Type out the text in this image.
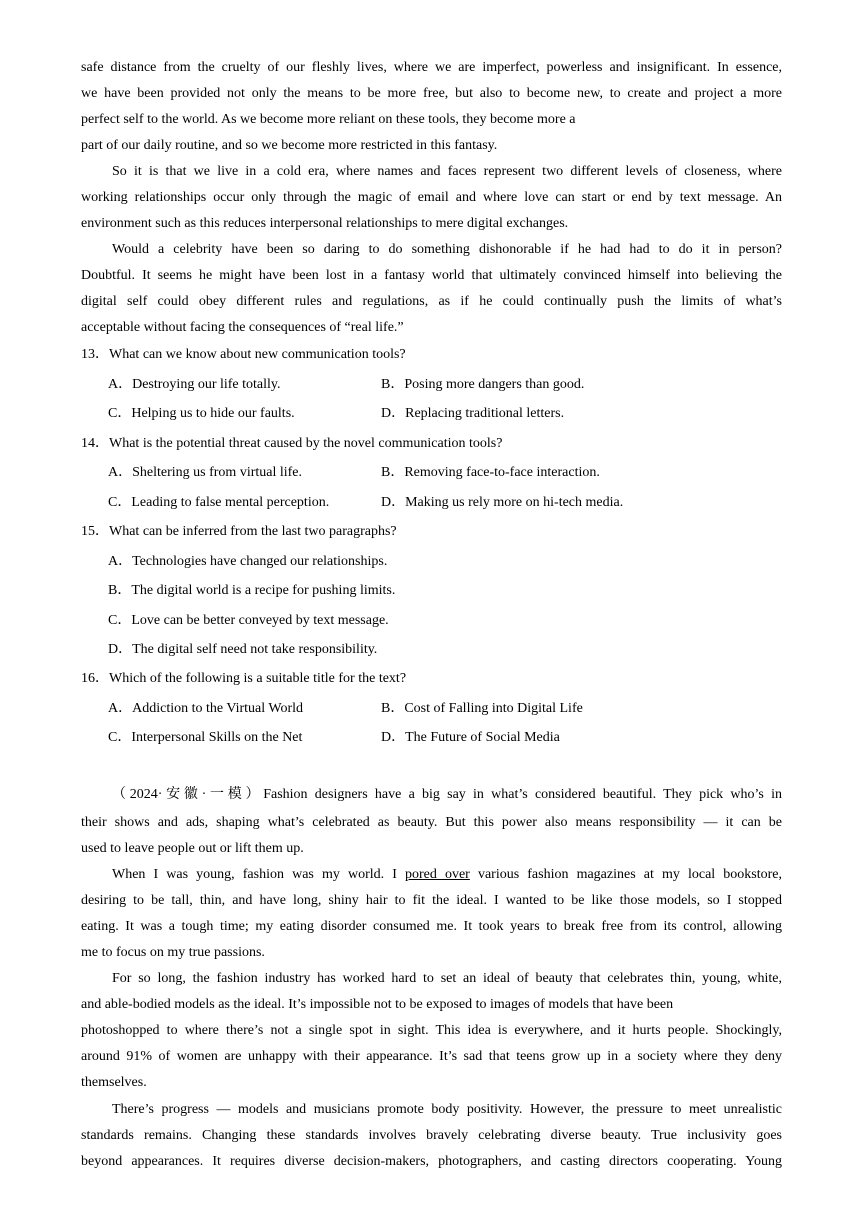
safe distance from the cruelty of our fleshly lives, where we are imperfect, powerless and insignificant. In essence,
we have been provided not only the means to be more free, but also to become new, to create and project a more
perfect self to the world. As we become more reliant on these tools, they become more a
part of our daily routine, and so we become more restricted in this fantasy.
So it is that we live in a cold era, where names and faces represent two different levels of closeness, where
working relationships occur only through the magic of email and where love can start or end by text message. An
environment such as this reduces interpersonal relationships to mere digital exchanges.
Would a celebrity have been so daring to do something dishonorable if he had had to do it in person?
Doubtful. It seems he might have been lost in a fantasy world that ultimately convinced himself into believing the
digital self could obey different rules and regulations, as if he could continually push the limits of what’s
acceptable without facing the consequences of “real life.”
13．What can we know about new communication tools?
A．Destroying our life totally.	B．Posing more dangers than good.
C．Helping us to hide our faults.	D．Replacing traditional letters.
14．What is the potential threat caused by the novel communication tools?
A．Sheltering us from virtual life.	B．Removing face-to-face interaction.
C．Leading to false mental perception.	D．Making us rely more on hi-tech media.
15．What can be inferred from the last two paragraphs?
A．Technologies have changed our relationships.
B．The digital world is a recipe for pushing limits.
C．Love can be better conveyed by text message.
D．The digital self need not take responsibility.
16．Which of the following is a suitable title for the text?
A．Addiction to the Virtual World	B．Cost of Falling into Digital Life
C．Interpersonal Skills on the Net	D．The Future of Social Media
（2024·安徽·一模）Fashion designers have a big say in what’s considered beautiful. They pick who’s in
their shows and ads, shaping what’s celebrated as beauty. But this power also means responsibility — it can be
used to leave people out or lift them up.
When I was young, fashion was my world. I pored over various fashion magazines at my local bookstore,
desiring to be tall, thin, and have long, shiny hair to fit the ideal. I wanted to be like those models, so I stopped
eating. It was a tough time; my eating disorder consumed me. It took years to break free from its control, allowing
me to focus on my true passions.
For so long, the fashion industry has worked hard to set an ideal of beauty that celebrates thin, young, white,
and able-bodied models as the ideal. It’s impossible not to be exposed to images of models that have been
photoshopped to where there’s not a single spot in sight. This idea is everywhere, and it hurts people. Shockingly,
around 91% of women are unhappy with their appearance. It’s sad that teens grow up in a society where they deny
themselves.
There’s progress — models and musicians promote body positivity. However, the pressure to meet unrealistic
standards remains. Changing these standards involves bravely celebrating diverse beauty. True inclusivity goes
beyond appearances. It requires diverse decision-makers, photographers, and casting directors cooperating. Young
